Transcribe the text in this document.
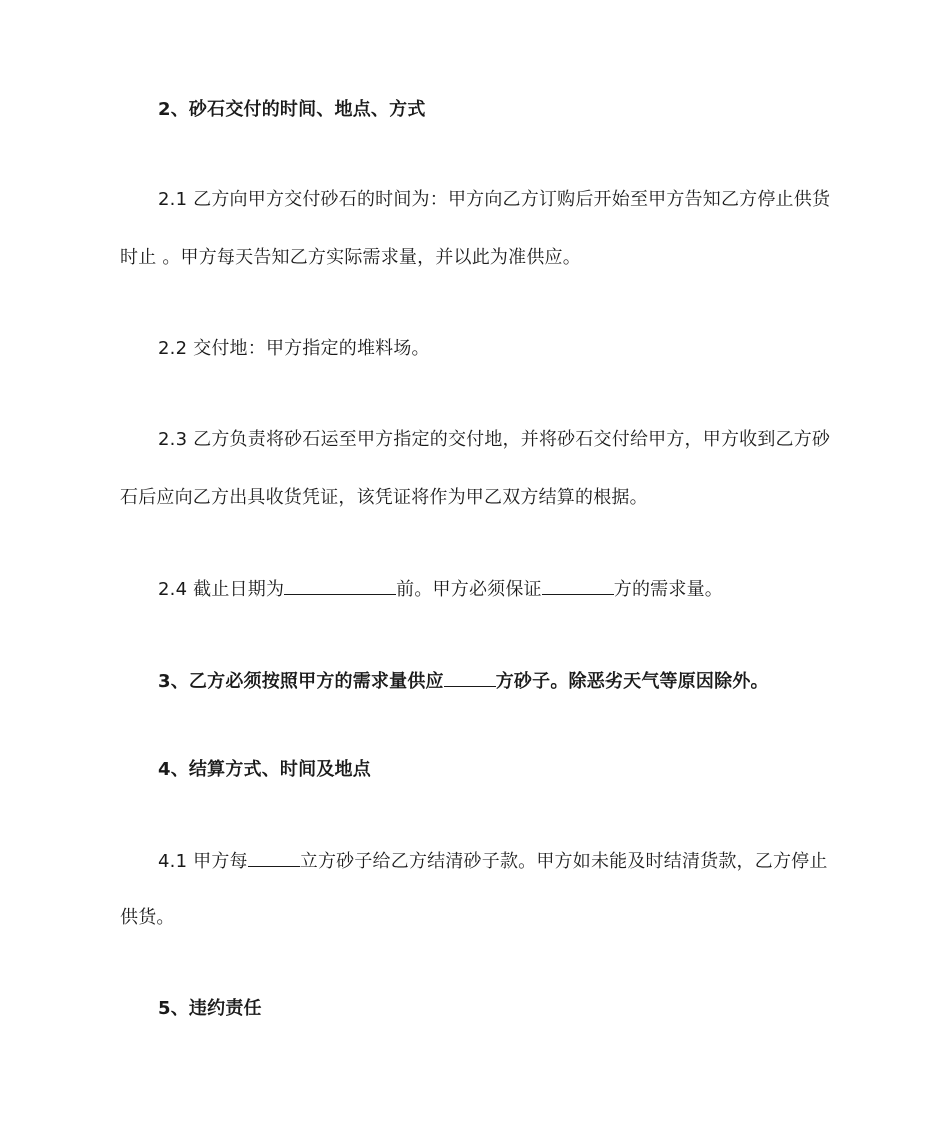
2、砂石交付的时间、地点、方式
2.1 乙方向甲方交付砂石的时间为：甲方向乙方订购后开始至甲方告知乙方停止供货
时止 。甲方每天告知乙方实际需求量，并以此为准供应。
2.2 交付地：甲方指定的堆料场。
2.3 乙方负责将砂石运至甲方指定的交付地，并将砂石交付给甲方，甲方收到乙方砂
石后应向乙方出具收货凭证，该凭证将作为甲乙双方结算的根据。
2.4 截止日期为	前。甲方必须保证	方的需求量。
3、乙方必须按照甲方的需求量供应	方砂子。除恶劣天气等原因除外。
4、结算方式、时间及地点
4.1 甲方每	立方砂子给乙方结清砂子款。甲方如未能及时结清货款，乙方停止
供货。
5、违约责任
